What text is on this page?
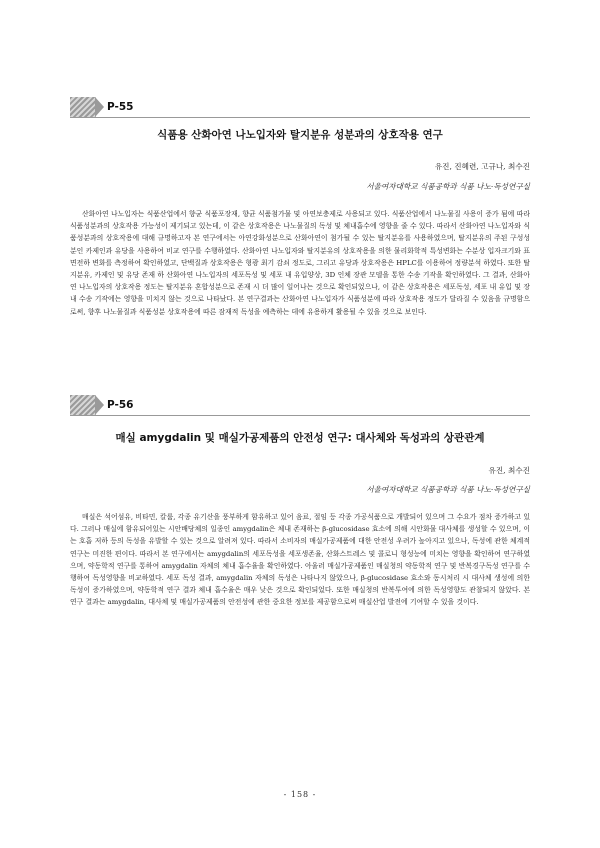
P-55
식품용 산화아연 나노입자와 탈지분유 성분과의 상호작용 연구
유진, 진혜련, 고규나, 최수진
서울여자대학교 식품공학과 식품 나노·독성연구실

산화아연 나노입자는 식품산업에서 향균 식품포장재, 향균 식품첨가물 및 아연보충제로 사용되고 있다. 식품산업에서 나노물질 사용이 증가 됨에 따라 식품성분과의 상호작용 가능성이 제기되고 있는데, 이 같은 상호작용은 나노물질의 독성 및 체내흡수에 영향을 줄 수 있다. 따라서 산화아연 나노입자와 식품성분과의 상호작용에 대해 규명하고자 본 연구에서는 아연강화성분으로 산화아연이 첨가될 수 있는 탈지분유를 사용하였으며, 탈지분유의 주된 구성성분인 카제인과 유당을 사용하여 비교 연구를 수행하였다. 산화아연 나노입자와 탈지분유의 상호작용을 의한 물리화학적 특성변화는 수분상 입자크기와 표면전하 변화를 측정하여 확인하였고, 단백질과 상호작용은 형광 최기 감쇠 정도로, 그리고 유당과 상호작용은 HPLC를 이용하여 정량분석 하였다. 또한 탈지분유, 카제인 및 유당 존재 하 산화아연 나노입자의 세포독성 및 세포 내 유입양상, 3D 인체 장관 모델을 통한 수송 기작을 확인하였다. 그 결과, 산화아연 나노입자의 상호작용 정도는 탈지분유 혼합성분으로 존재 시 더 많이 일어나는 것으로 확인되었으나, 이 같은 상호작용은 세포독성, 세포 내 유입 및 장내 수송 기작에는 영향을 미치지 않는 것으로 나타났다. 본 연구결과는 산화아연 나노입자가 식품성분에 따라 상호작용 정도가 달라질 수 있음을 규명함으로써, 향후 나노물질과 식품성분 상호작용에 따른 잠재적 독성을 예측하는 데에 유용하게 활용될 수 있을 것으로 보인다.

P-56
매실 amygdalin 및 매실가공제품의 안전성 연구: 대사체와 독성과의 상관관계
유진, 최수진
서울여자대학교 식품공학과 식품 나노·독성연구실

매실은 석어섬유, 비타민, 칼륨, 각종 유기산을 풍부하게 함유하고 있어 음료, 절임 등 각종 가공식품으로 개발되어 있으며 그 수요가 점차 증가하고 있다. 그러나 매실에 함유되어있는 시안배당체의 일종인 amygdalin은 체내 존재하는 β-glucosidase 효소에 의해 시안화물 대사체를 생성할 수 있으며, 이는 호흡 저하 등의 독성을 유발할 수 있는 것으로 알려져 있다. 따라서 소비자의 매실가공제품에 대한 안전성 우려가 높아지고 있으나, 독성에 관한 체계적 연구는 미진한 편이다. 따라서 본 연구에서는 amygdalin의 세포독성을 세포생존율, 산화스트레스 및 콜로니 형성능에 미치는 영향을 확인하여 연구하였으며, 약동학적 연구를 통하여 amygdalin 자체의 체내 흡수율을 확인하였다. 아울러 매실가공제품인 매실청의 약동학적 연구 및 반복경구독성 연구를 수행하여 독성영향을 비교하였다. 세포 독성 결과, amygdalin 자체의 독성은 나타나지 않았으나, β-glucosidase 효소와 동시처리 시 대사체 생성에 의한 독성이 증가하였으며, 약동학적 연구 결과 체내 흡수율은 매우 낮은 것으로 확인되었다. 또한 매실청의 반복투여에 의한 독성영향도 관찰되지 않았다. 본 연구 결과는 amygdalin, 대사체 및 매실가공제품의 안전성에 관한 중요한 정보를 제공함으로써 매실산업 발전에 기여할 수 있을 것이다.

- 158 -
